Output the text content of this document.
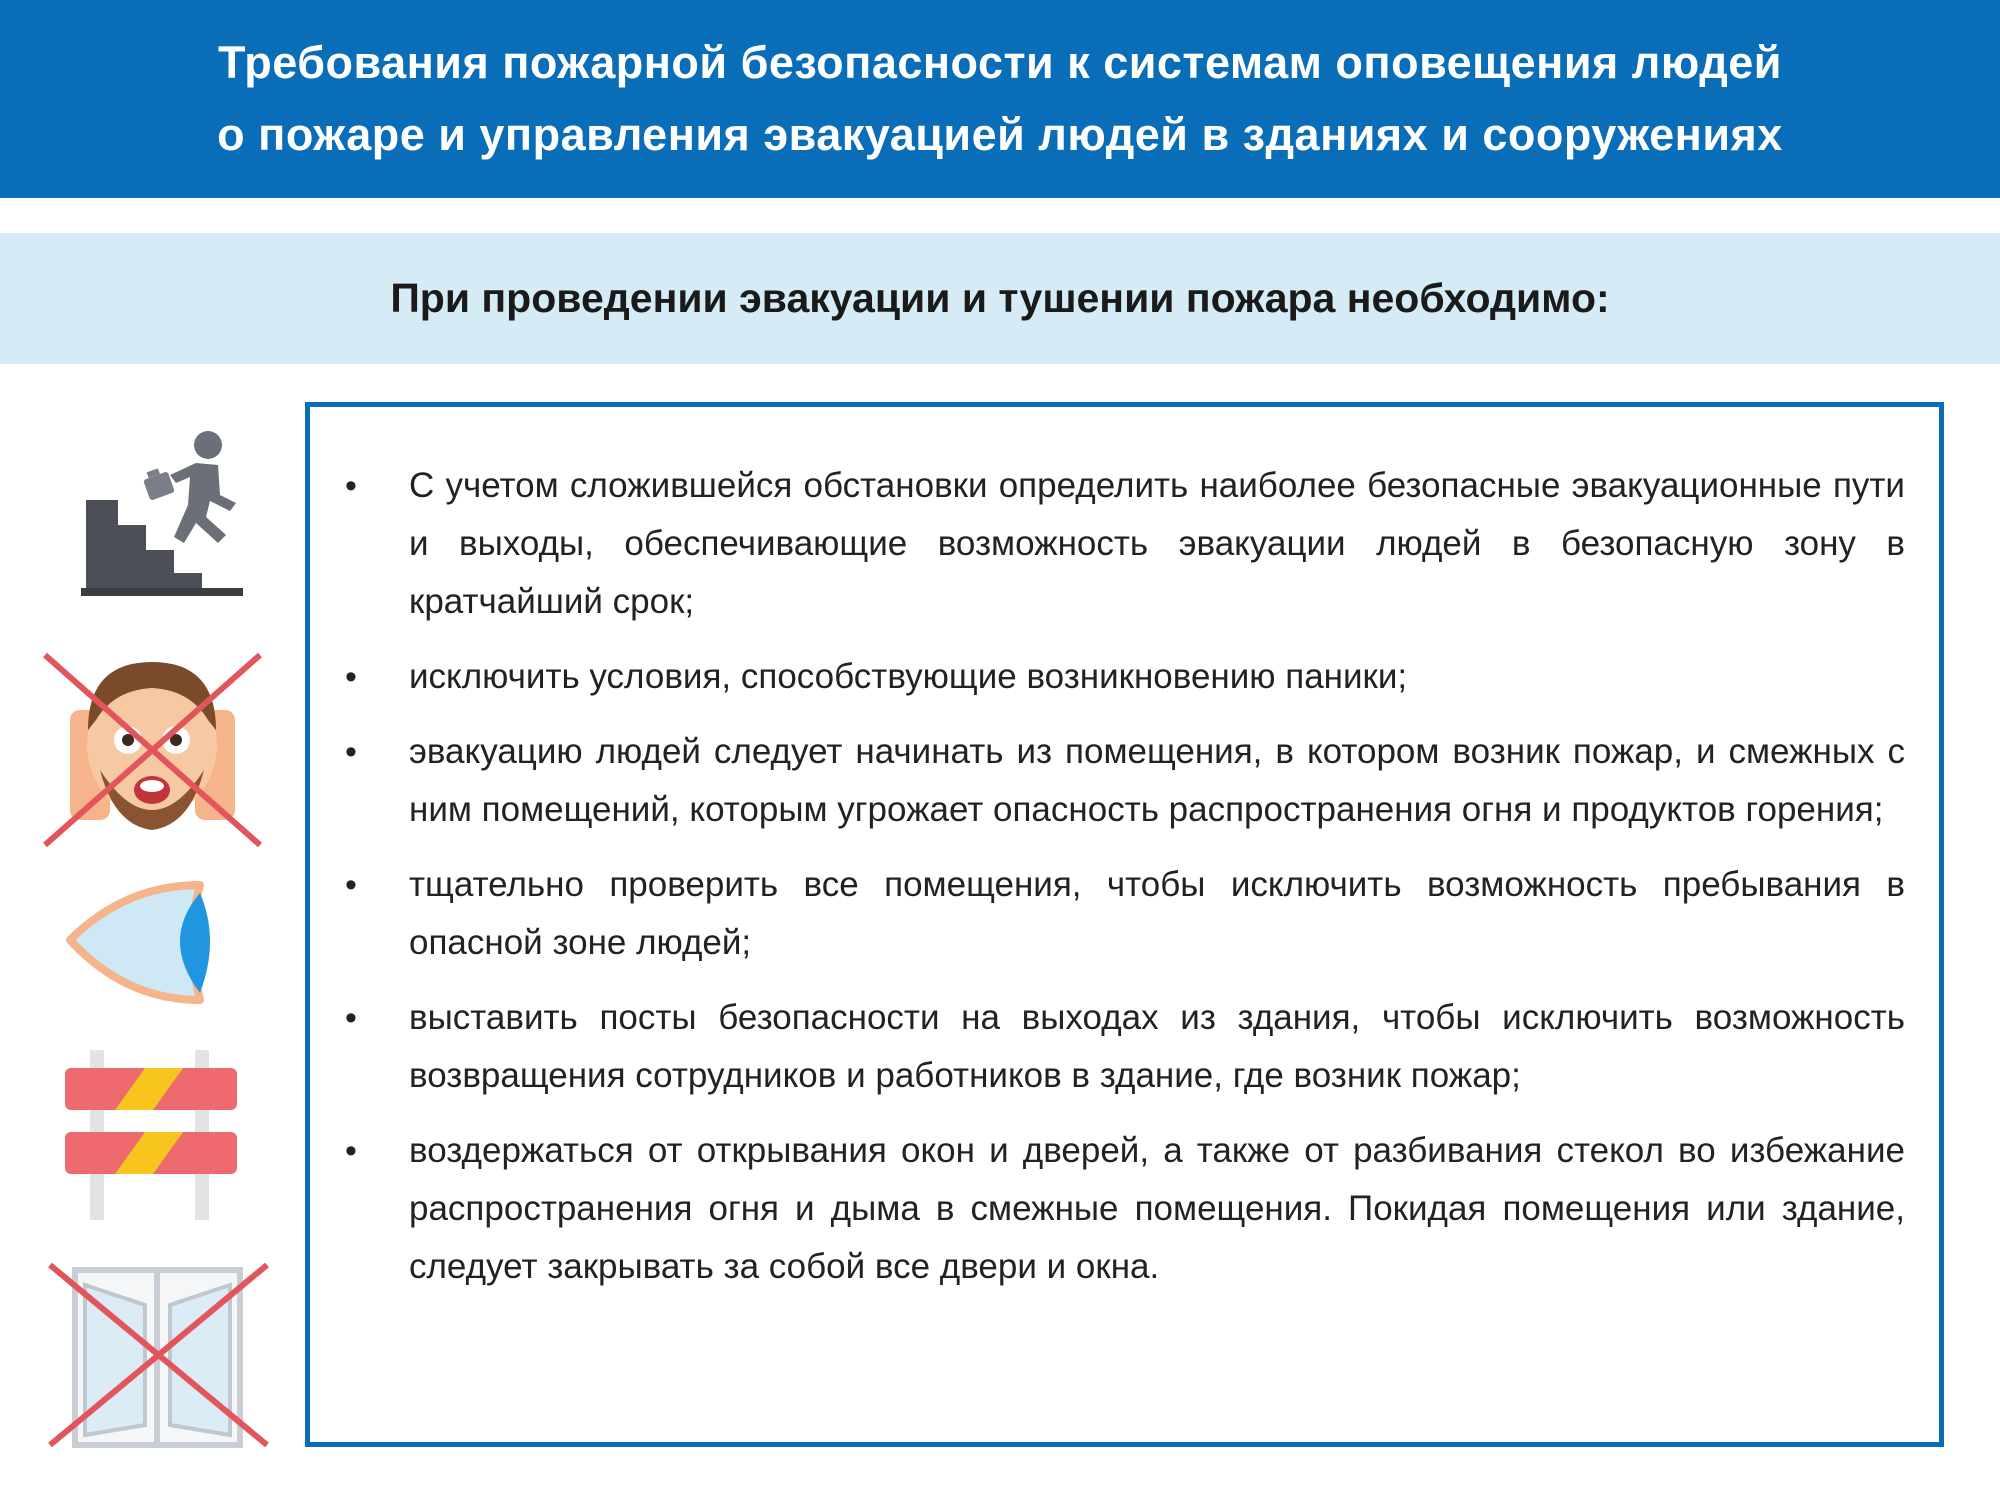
Требования пожарной безопасности к системам оповещения людей
о пожаре и управления эвакуацией людей в зданиях и сооружениях
При проведении эвакуации и тушении пожара необходимо:
• С учетом сложившейся обстановки определить наиболее безопасные эвакуационные пути и выходы, обеспечивающие возможность эвакуации людей в безопасную зону в кратчайший срок;
• исключить условия, способствующие возникновению паники;
• эвакуацию людей следует начинать из помещения, в котором возник пожар, и смежных с ним помещений, которым угрожает опасность распространения огня и продуктов горения;
• тщательно проверить все помещения, чтобы исключить возможность пребывания в опасной зоне людей;
• выставить посты безопасности на выходах из здания, чтобы исключить возможность возвращения сотрудников и работников в здание, где возник пожар;
• воздержаться от открывания окон и дверей, а также от разбивания стекол во избежание распространения огня и дыма в смежные помещения. Покидая помещения или здание, следует закрывать за собой все двери и окна.
